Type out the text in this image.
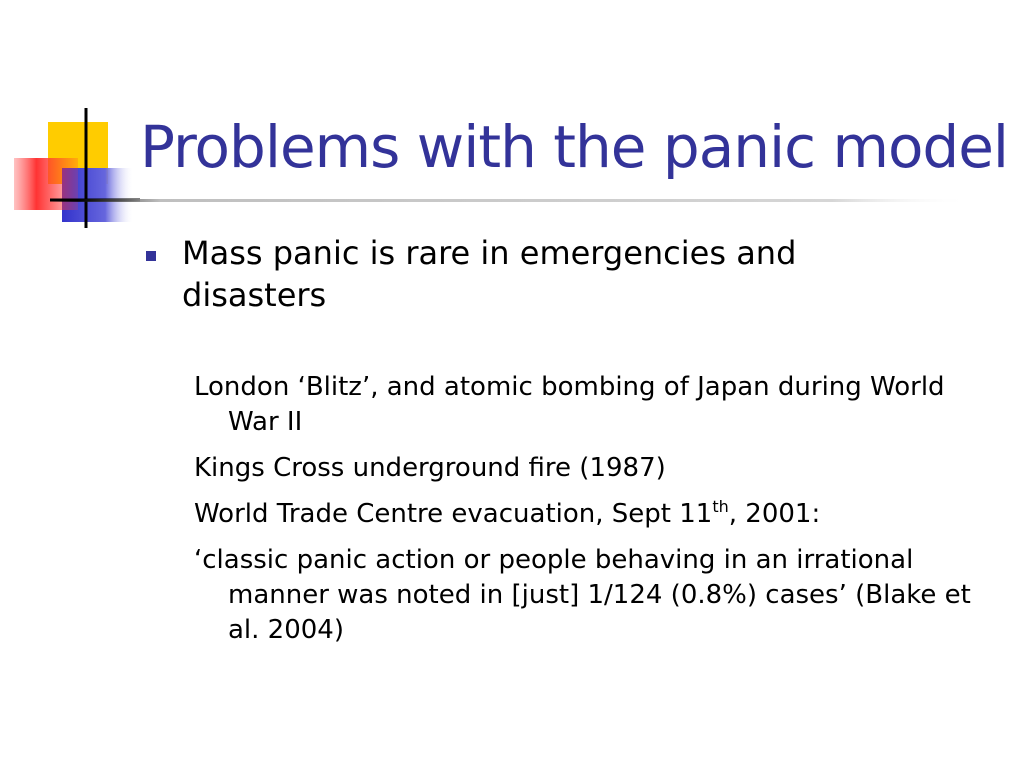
Problems with the panic model
Mass panic is rare in emergencies and disasters
London ‘Blitz’, and atomic bombing of Japan during World War II
Kings Cross underground fire (1987)
World Trade Centre evacuation, Sept 11th, 2001:
‘classic panic action or people behaving in an irrational manner was noted in [just] 1/124 (0.8%) cases’ (Blake et al. 2004)
